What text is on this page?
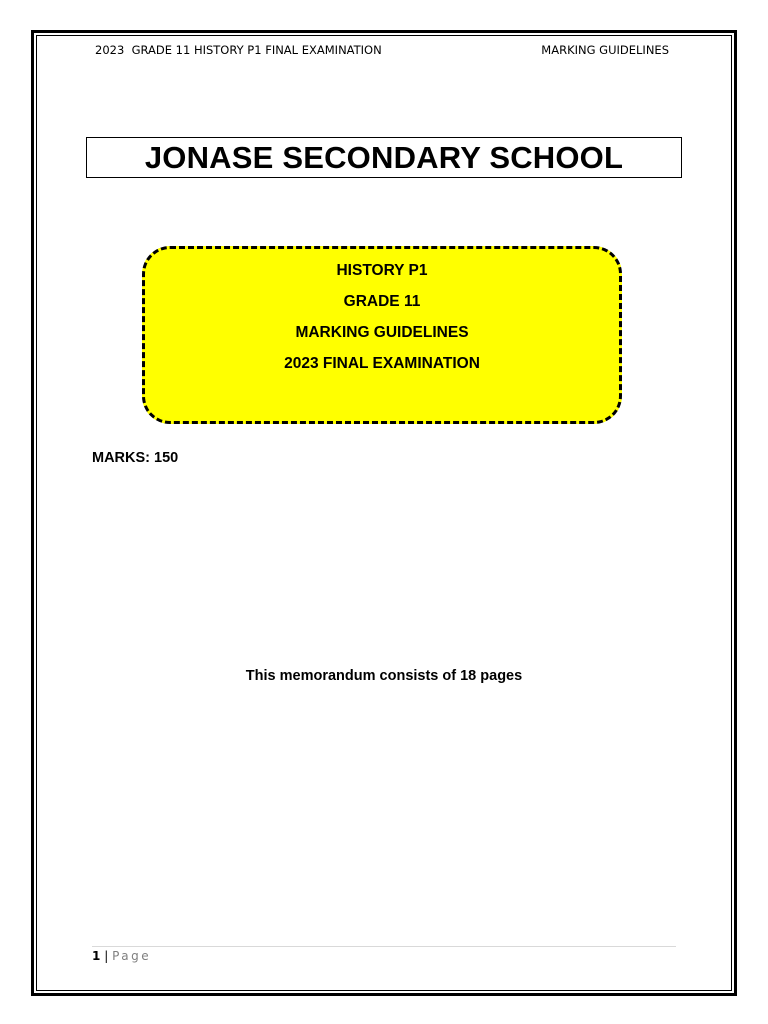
2023  GRADE 11 HISTORY P1 FINAL EXAMINATION	MARKING GUIDELINES
JONASE SECONDARY SCHOOL
HISTORY P1
GRADE 11
MARKING GUIDELINES
2023 FINAL EXAMINATION
MARKS: 150
This memorandum consists of 18 pages
1 | Page
